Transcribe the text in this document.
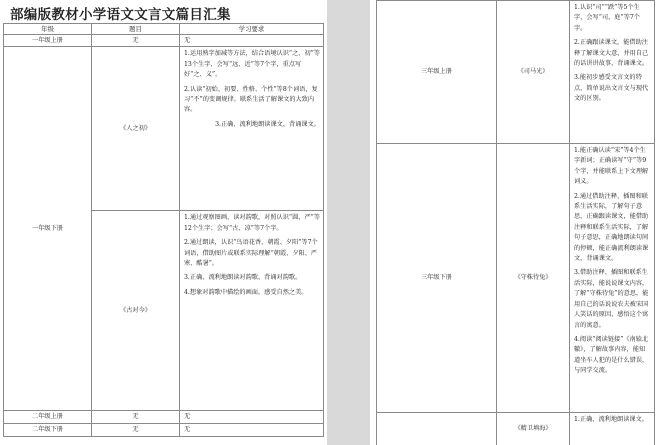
部编版教材小学语文文言文篇目汇集
年级	题目	学习要求
一年级上册	无	无
一年级下册	《人之初》	1.运用熟字加减等方法，结合语境认识“之、初”等13个生字，会写“远、近”等7个字，重点写好“之、义”。

2.认读“初始、初要、性格、个性”等8个词语，复习“不”的变调规律。联系生活了解课文的大致内容。

3.正确、流利地朗读课文，背诵课文。

	《古对今》	1.通过观察图画、读对韵歌，对照认识“圆、严”等12个生字；会写“古、凉”等7个字。

2.通过朗读，认识“鸟语花香、朝霞、夕阳”等7个词语，借助图片或联系实际理解“朝霞、夕阳、严寒、酷暑”。

3.正确、流利地朗读对韵歌，背诵对韵歌。

4.想象对韵歌中描绘的画面，感受自然之美。

二年级上册	无	无
二年级下册	无	无
三年级上册	《司马光》	1.认识“司”“跌”等5个生字，会写“司、庭”等7个字。

2.正确跟读课文，能借助注释了解课文大意，并用自己的话讲讲故事，背诵课文。

3.能初步感受文言文的特点，简单说出文言文与现代文的区别。

三年级下册	《守株待兔》	1.能正确认读“宋”等4个生字新词；正确读写“守”等9个字，并能联系上下文理解词义。

2.通过借助注释、插图和联系生活实际，了解句子意思，正确跟读课文，能借助注释和联系生活实际，了解句子意思，正确地朗读句间的停顿，能正确流利朗读课文，背诵课文。

3.借助注释、插图和联系生活实际，能说说课文内容，了解“守株待兔”的意思，能用自己的话说说农夫被宋国人笑话的原因，感悟这个寓言的寓意。

4.阅读“阅读链接”《南辕北辙》，了解故事内容，能知道坐车人犯的是什么错误，与同学交流。

	《精卫填海》	1.正确、流利地朗读课文。
